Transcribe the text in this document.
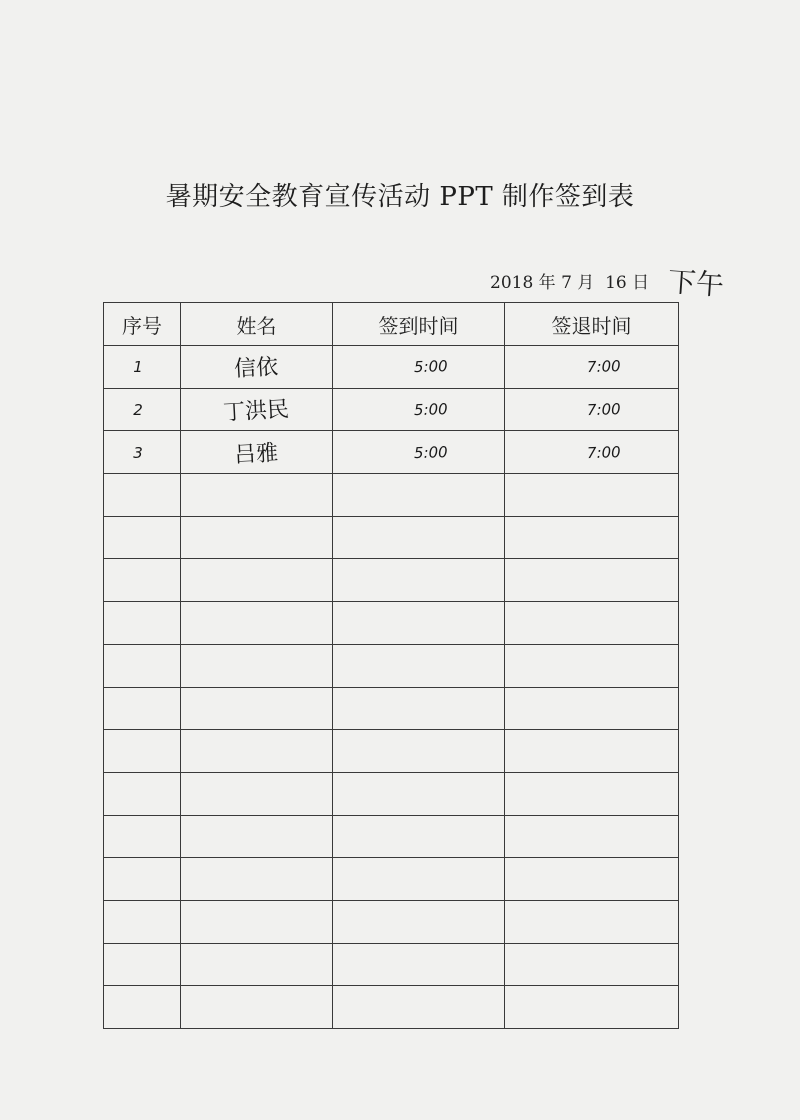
暑期安全教育宣传活动 PPT 制作签到表
2018 年 7 月  16 日 下午
序号	姓名	签到时间	签退时间
1	信依	5:00	7:00
2	丁洪民	5:00	7:00
3	吕雅	5:00	7:00
